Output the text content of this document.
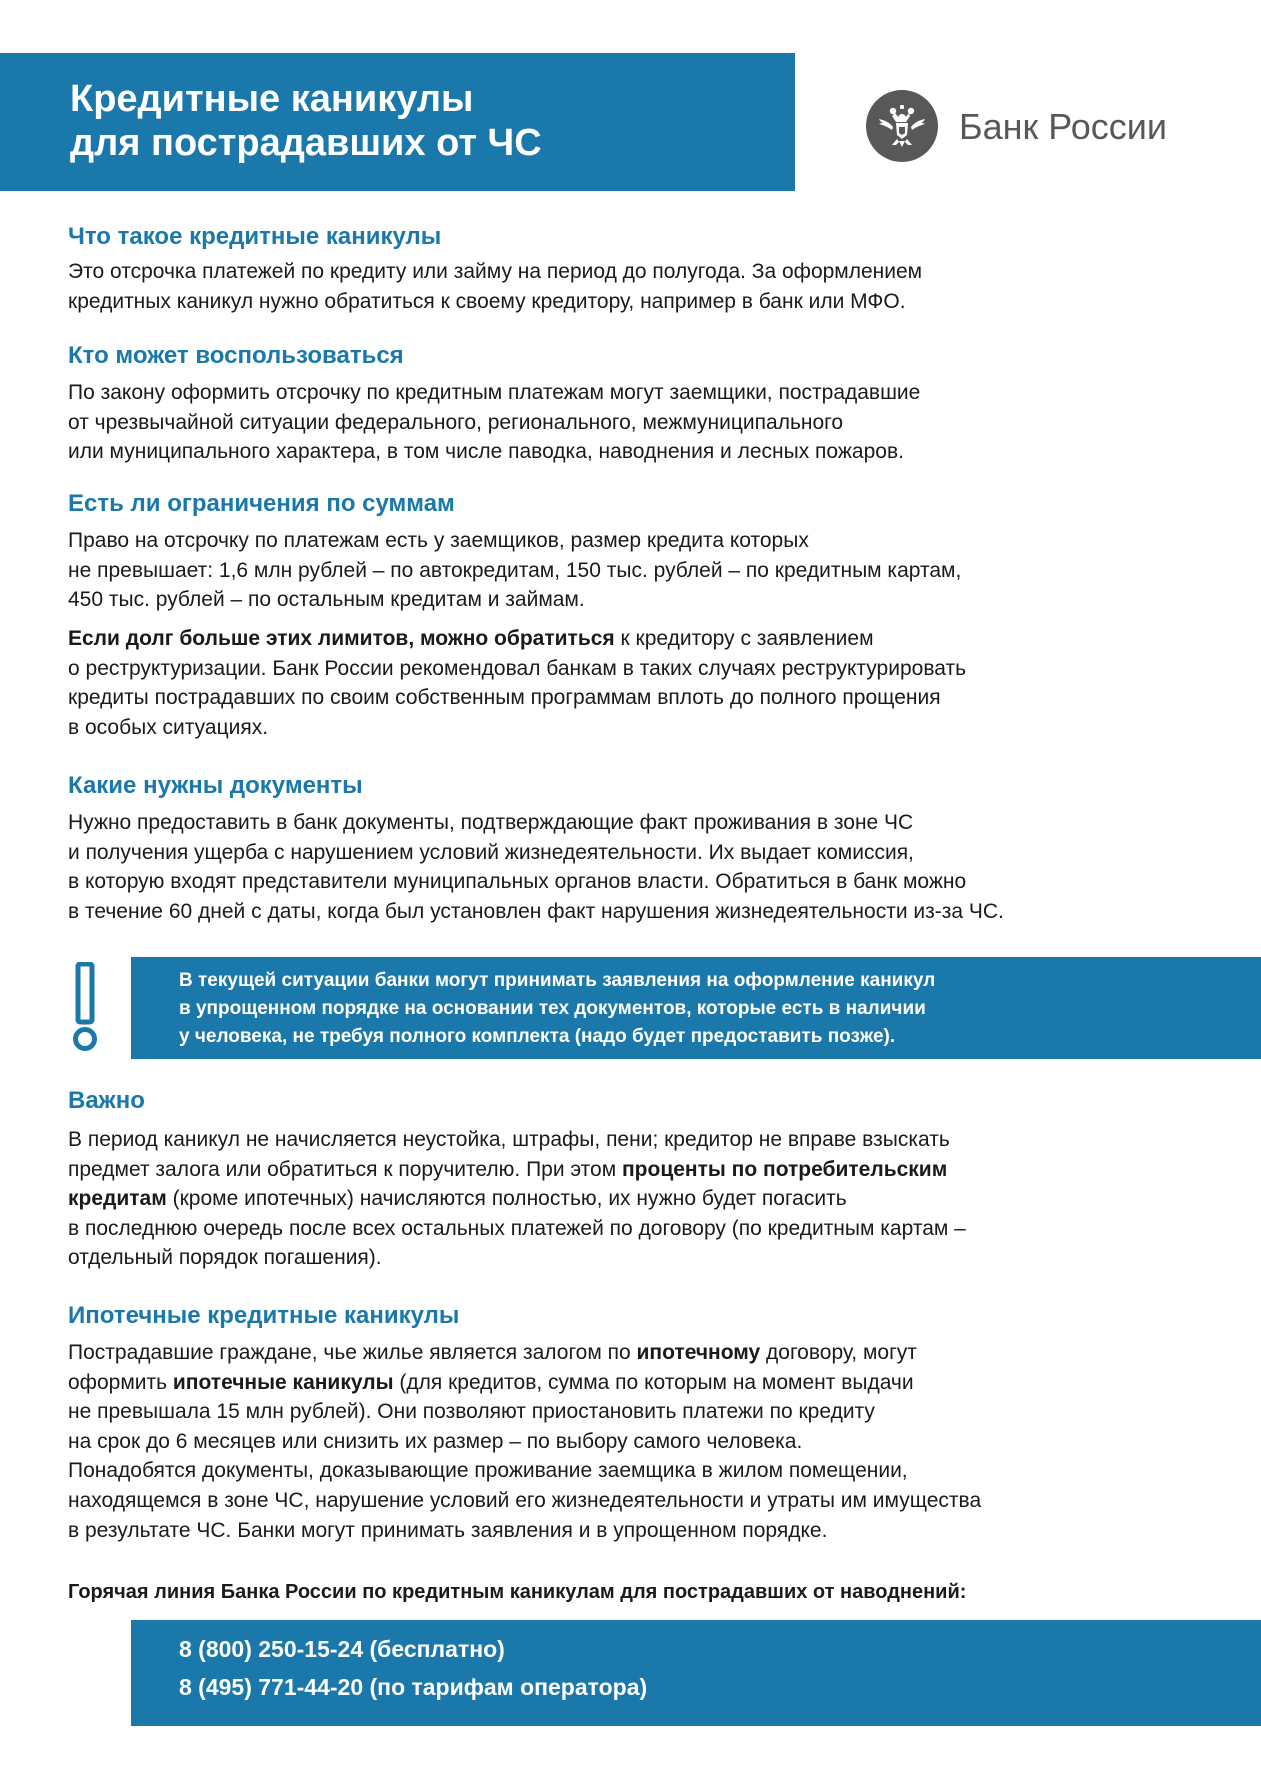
Кредитные каникулы
для пострадавших от ЧС	Банк России
Что такое кредитные каникулы

Это отсрочка платежей по кредиту или займу на период до полугода. За оформлением
кредитных каникул нужно обратиться к своему кредитору, например в банк или МФО.

Кто может воспользоваться

По закону оформить отсрочку по кредитным платежам могут заемщики, пострадавшие
от чрезвычайной ситуации федерального, регионального, межмуниципального
или муниципального характера, в том числе паводка, наводнения и лесных пожаров.

Есть ли ограничения по суммам

Право на отсрочку по платежам есть у заемщиков, размер кредита которых
не превышает: 1,6 млн рублей – по автокредитам, 150 тыс. рублей – по кредитным картам,
450 тыс. рублей – по остальным кредитам и займам.

Если долг больше этих лимитов, можно обратиться к кредитору с заявлением
о реструктуризации. Банк России рекомендовал банкам в таких случаях реструктурировать
кредиты пострадавших по своим собственным программам вплоть до полного прощения
в особых ситуациях.

Какие нужны документы

Нужно предоставить в банк документы, подтверждающие факт проживания в зоне ЧС
и получения ущерба с нарушением условий жизнедеятельности. Их выдает комиссия,
в которую входят представители муниципальных органов власти. Обратиться в банк можно
в течение 60 дней с даты, когда был установлен факт нарушения жизнедеятельности из-за ЧС.

В текущей ситуации банки могут принимать заявления на оформление каникул
в упрощенном порядке на основании тех документов, которые есть в наличии
у человека, не требуя полного комплекта (надо будет предоставить позже).
Важно

В период каникул не начисляется неустойка, штрафы, пени; кредитор не вправе взыскать
предмет залога или обратиться к поручителю. При этом проценты по потребительским
кредитам (кроме ипотечных) начисляются полностью, их нужно будет погасить
в последнюю очередь после всех остальных платежей по договору (по кредитным картам –
отдельный порядок погашения).

Ипотечные кредитные каникулы

Пострадавшие граждане, чье жилье является залогом по ипотечному договору, могут
оформить ипотечные каникулы (для кредитов, сумма по которым на момент выдачи
не превышала 15 млн рублей). Они позволяют приостановить платежи по кредиту
на срок до 6 месяцев или снизить их размер – по выбору самого человека.
Понадобятся документы, доказывающие проживание заемщика в жилом помещении,
находящемся в зоне ЧС, нарушение условий его жизнедеятельности и утраты им имущества
в результате ЧС. Банки могут принимать заявления и в упрощенном порядке.

Горячая линия Банка России по кредитным каникулам для пострадавших от наводнений:

8 (800) 250-15-24 (бесплатно)
8 (495) 771-44-20 (по тарифам оператора)
